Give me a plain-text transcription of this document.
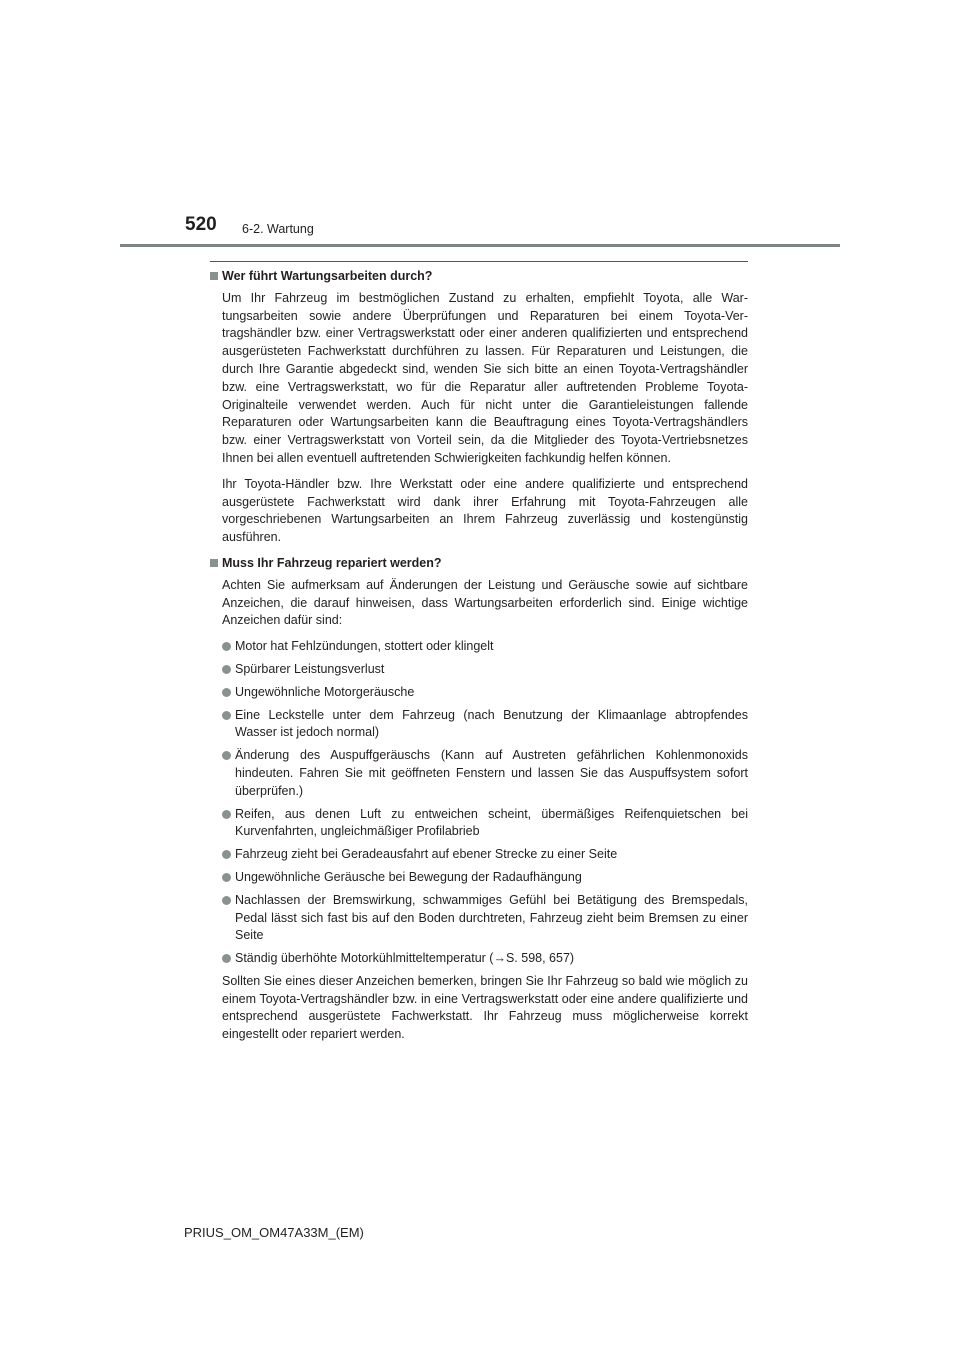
520 6-2. Wartung
Wer führt Wartungsarbeiten durch?

Um Ihr Fahrzeug im bestmöglichen Zustand zu erhalten, empfiehlt Toyota, alle Wartungsarbeiten sowie andere Überprüfungen und Reparaturen bei einem Toyota-Vertragshändler bzw. einer Vertragswerkstatt oder einer anderen qualifizierten und entsprechend ausgerüsteten Fachwerkstatt durchführen zu lassen. Für Reparaturen und Leistungen, die durch Ihre Garantie abgedeckt sind, wenden Sie sich bitte an einen Toyota-Vertragshändler bzw. eine Vertragswerkstatt, wo für die Reparatur aller auftretenden Probleme Toyota-Originalteile verwendet werden. Auch für nicht unter die Garantieleistungen fallende Reparaturen oder Wartungsarbeiten kann die Beauftragung eines Toyota-Vertragshändlers bzw. einer Vertragswerkstatt von Vorteil sein, da die Mitglieder des Toyota-Vertriebsnetzes Ihnen bei allen eventuell auftretenden Schwierigkeiten fachkundig helfen können.

Ihr Toyota-Händler bzw. Ihre Werkstatt oder eine andere qualifizierte und entsprechend ausgerüstete Fachwerkstatt wird dank ihrer Erfahrung mit Toyota-Fahrzeugen alle vorgeschriebenen Wartungsarbeiten an Ihrem Fahrzeug zuverlässig und kostengünstig ausführen.

Muss Ihr Fahrzeug repariert werden?

Achten Sie aufmerksam auf Änderungen der Leistung und Geräusche sowie auf sichtbare Anzeichen, die darauf hinweisen, dass Wartungsarbeiten erforderlich sind. Einige wichtige Anzeichen dafür sind:

Motor hat Fehlzündungen, stottert oder klingelt
Spürbarer Leistungsverlust
Ungewöhnliche Motorgeräusche
Eine Leckstelle unter dem Fahrzeug (nach Benutzung der Klimaanlage abtropfendes Wasser ist jedoch normal)
Änderung des Auspuffgeräuschs (Kann auf Austreten gefährlichen Kohlenmonoxids hindeuten. Fahren Sie mit geöffneten Fenstern und lassen Sie das Auspuffsystem sofort überprüfen.)
Reifen, aus denen Luft zu entweichen scheint, übermäßiges Reifenquietschen bei Kurvenfahrten, ungleichmäßiger Profilabrieb
Fahrzeug zieht bei Geradeausfahrt auf ebener Strecke zu einer Seite
Ungewöhnliche Geräusche bei Bewegung der Radaufhängung
Nachlassen der Bremswirkung, schwammiges Gefühl bei Betätigung des Bremspedals, Pedal lässt sich fast bis auf den Boden durchtreten, Fahrzeug zieht beim Bremsen zu einer Seite
Ständig überhöhte Motorkühlmitteltemperatur (→S. 598, 657)

Sollten Sie eines dieser Anzeichen bemerken, bringen Sie Ihr Fahrzeug so bald wie möglich zu einem Toyota-Vertragshändler bzw. in eine Vertragswerkstatt oder eine andere qualifizierte und entsprechend ausgerüstete Fachwerkstatt. Ihr Fahrzeug muss möglicherweise korrekt eingestellt oder repariert werden.

PRIUS_OM_OM47A33M_(EM)
